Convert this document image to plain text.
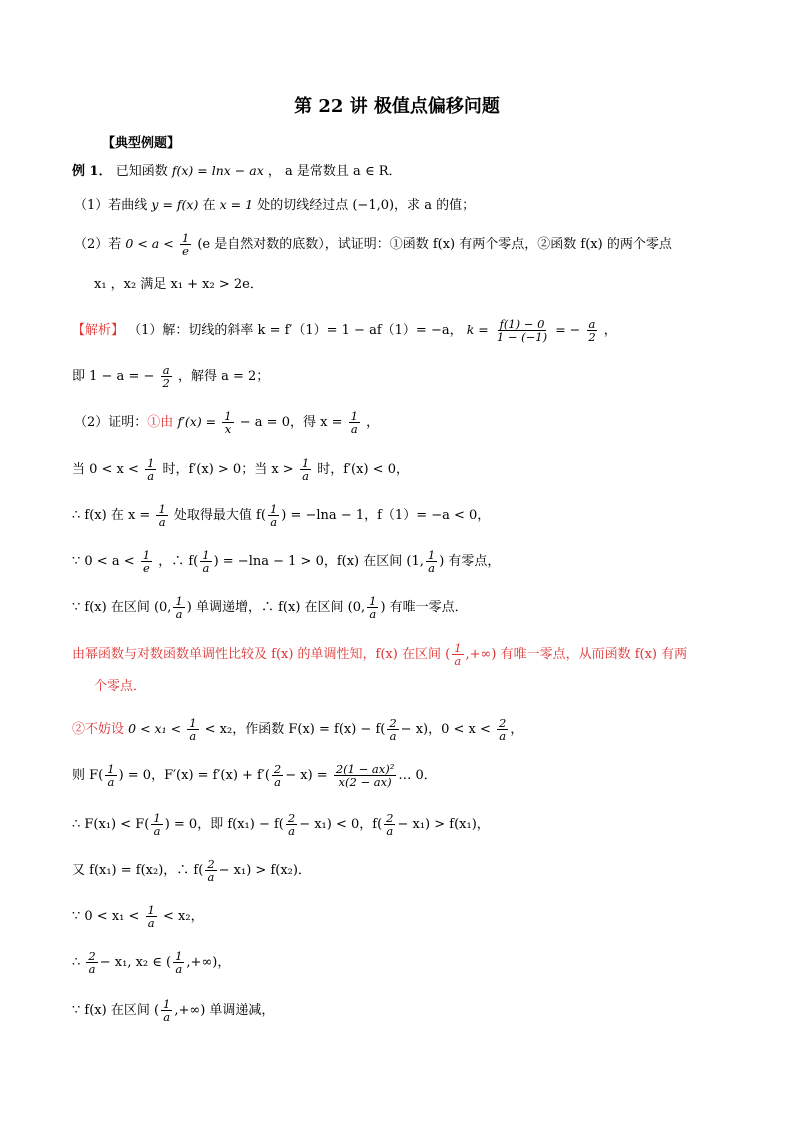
第 22 讲 极值点偏移问题
【典型例题】
例 1． 已知函数 f(x) = lnx − ax ， a 是常数且 a ∈ R．
（1）若曲线 y = f(x) 在 x = 1 处的切线经过点 (−1,0)，求 a 的值；
（2）若 $0 < a < \frac{1}{e} (e$ 是自然对数的底数），试证明：①函数 f(x) 有两个零点，②函数 f(x) 的两个零点
x₁ ，x₂ 满足 x₁ + x₂ > 2e．
【解析】 （1）解：切线的斜率 k = f′（1）= 1 − af（1）= −a， $k = \frac{f(1) - 0}{1 - (-1)}$ = − $\frac{a}{2}$ ，
即 1 − a = − $\frac{a}{2}$ ，解得 a = 2；
（2）证明：①由 $f'(x) = \frac{1}{x} - a = 0$，得 $x = \frac{1}{a}$ ，
当 $0 < x < \frac{1}{a}$ 时，f′(x) > 0；当 $x > \frac{1}{a}$ 时，f′(x) < 0，
∴ f(x) 在 $x = \frac{1}{a}$ 处取得最大值 $f( \frac{1}{a}$ ) = −lna − 1，f（1）= −a < 0，
∵ $0 < a < \frac{1}{e}$ ，∴ $f( \frac{1}{a}$ ) = −lna − 1 > 0，f(x) 在区间 (1, $\frac{1}{a}$ ) 有零点，
∵ f(x) 在区间 (0, $\frac{1}{a}$ ) 单调递增，∴ f(x) 在区间 (0, $\frac{1}{a}$ ) 有唯一零点．
由幂函数与对数函数单调性比较及 f(x) 的单调性知，f(x) 在区间 ( $\frac{1}{a}$ ,+∞) 有唯一零点，从而函数 f(x) 有两
个零点．
②不妨设 $0 < x_1 < \frac{1}{a} < x_2$，作函数 $F(x) = f(x) - f( \frac{2}{a} - x)$，$0 < x < \frac{2}{a}$ ，
则 $F( \frac{1}{a}$ ) = 0，$F'(x) = f'(x) + f'( \frac{2}{a} - x) = \frac{\text{2(1 − ax)²}}{x(2 - ax)}$ … 0．
∴ $F(x_1) < F( \frac{1}{a}$ ) = 0，即 $f(x_1) - f( \frac{2}{a} - x_1) < 0$，$f( \frac{2}{a} - x_1) > f(x_1)$，
又 f(x₁) = f(x₂)，∴ $f( \frac{2}{a} - x_1) > f(x_2)$．
∵ $0 < x_1 < \frac{1}{a} < x_2$，
∴ $\frac{2}{a} - x_1$, x₂ ∈ ( $\frac{1}{a}$ ,+∞)，
∵ f(x) 在区间 ( $\frac{1}{a}$ ,+∞) 单调递减，
